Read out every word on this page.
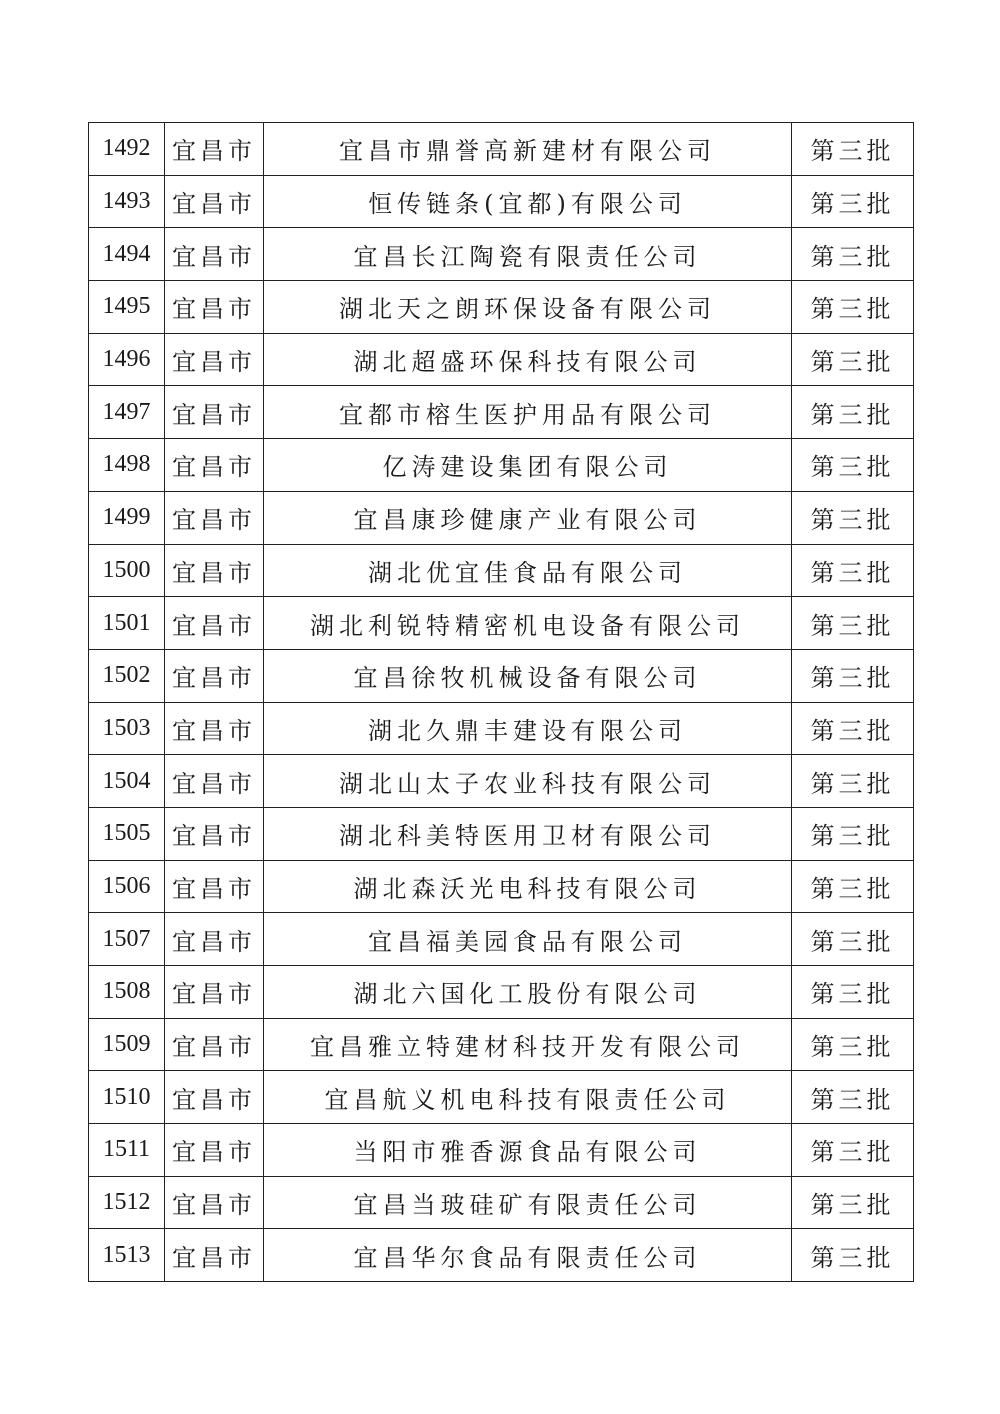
1492	宜昌市	宜昌市鼎誉高新建材有限公司	第三批
1493	宜昌市	恒传链条(宜都)有限公司	第三批
1494	宜昌市	宜昌长江陶瓷有限责任公司	第三批
1495	宜昌市	湖北天之朗环保设备有限公司	第三批
1496	宜昌市	湖北超盛环保科技有限公司	第三批
1497	宜昌市	宜都市榕生医护用品有限公司	第三批
1498	宜昌市	亿涛建设集团有限公司	第三批
1499	宜昌市	宜昌康珍健康产业有限公司	第三批
1500	宜昌市	湖北优宜佳食品有限公司	第三批
1501	宜昌市	湖北利锐特精密机电设备有限公司	第三批
1502	宜昌市	宜昌徐牧机械设备有限公司	第三批
1503	宜昌市	湖北久鼎丰建设有限公司	第三批
1504	宜昌市	湖北山太子农业科技有限公司	第三批
1505	宜昌市	湖北科美特医用卫材有限公司	第三批
1506	宜昌市	湖北森沃光电科技有限公司	第三批
1507	宜昌市	宜昌福美园食品有限公司	第三批
1508	宜昌市	湖北六国化工股份有限公司	第三批
1509	宜昌市	宜昌雅立特建材科技开发有限公司	第三批
1510	宜昌市	宜昌航义机电科技有限责任公司	第三批
1511	宜昌市	当阳市雅香源食品有限公司	第三批
1512	宜昌市	宜昌当玻硅矿有限责任公司	第三批
1513	宜昌市	宜昌华尔食品有限责任公司	第三批
